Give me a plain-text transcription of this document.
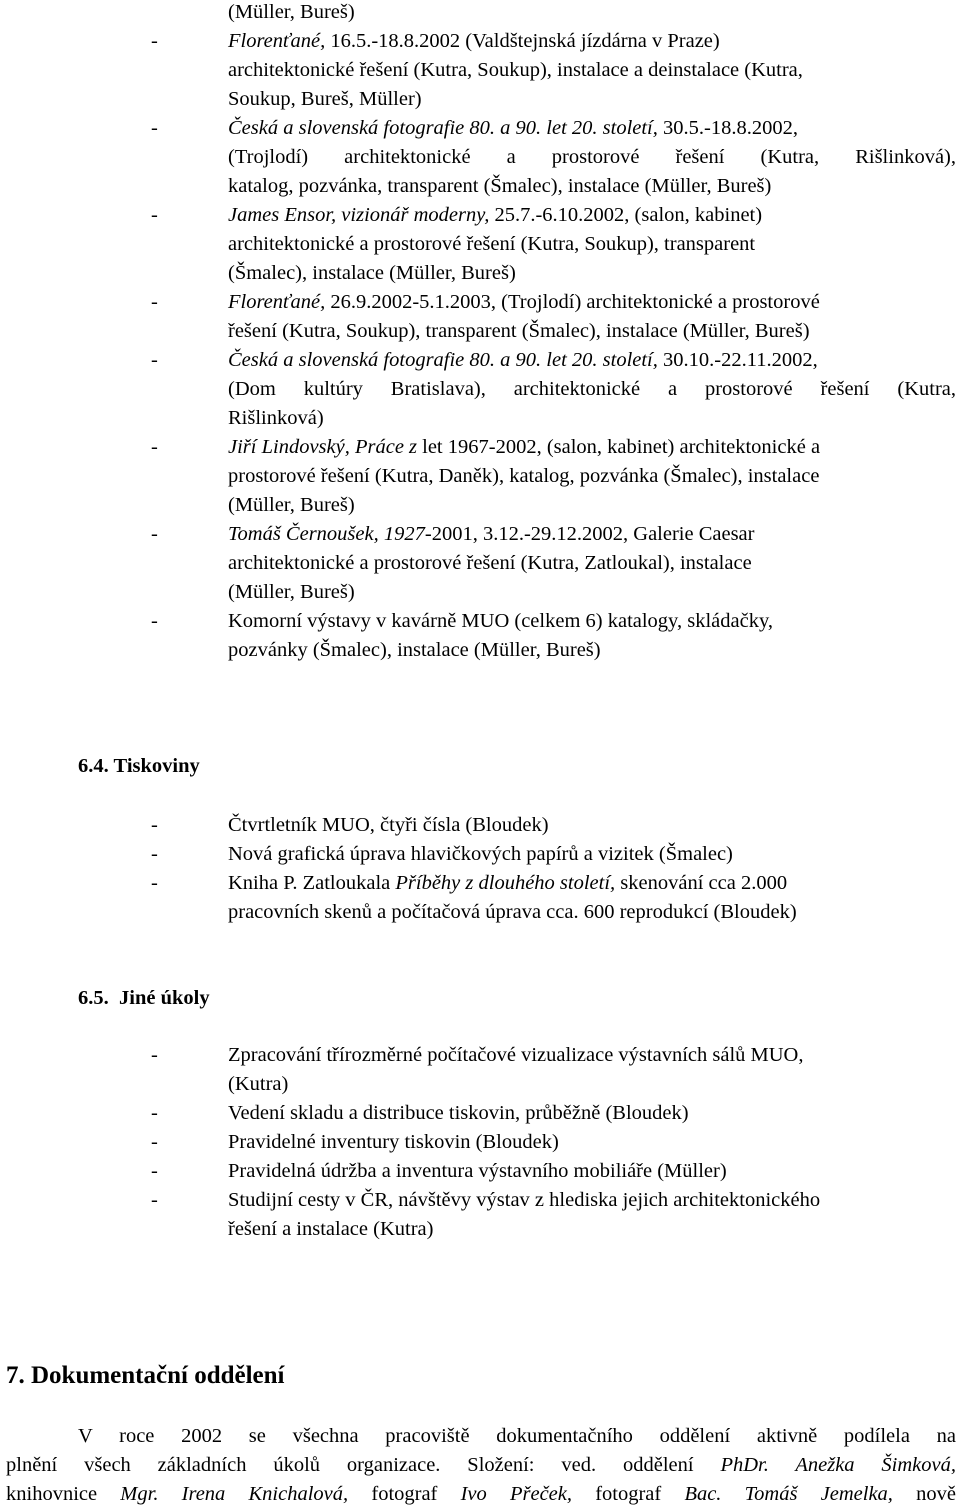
(Müller, Bureš)
-	Florenťané, 16.5.-18.8.2002 (Valdštejnská jízdárna v Praze)
architektonické řešení (Kutra, Soukup), instalace a deinstalace (Kutra,
Soukup, Bureš, Müller)
-	Česká a slovenská fotografie 80. a 90. let 20. století, 30.5.-18.8.2002,
(Trojlodí) architektonické a prostorové řešení (Kutra, Rišlinková),
katalog, pozvánka, transparent (Šmalec), instalace (Müller, Bureš)
-	James Ensor, vizionář moderny, 25.7.-6.10.2002, (salon, kabinet)
architektonické a prostorové řešení (Kutra, Soukup), transparent
(Šmalec), instalace (Müller, Bureš)
-	Florenťané, 26.9.2002-5.1.2003, (Trojlodí) architektonické a prostorové
řešení (Kutra, Soukup), transparent (Šmalec), instalace (Müller, Bureš)
-	Česká a slovenská fotografie 80. a 90. let 20. století, 30.10.-22.11.2002,
(Dom kultúry Bratislava), architektonické a prostorové řešení (Kutra,
Rišlinková)
-	Jiří Lindovský, Práce z let 1967-2002, (salon, kabinet) architektonické a
prostorové řešení (Kutra, Daněk), katalog, pozvánka (Šmalec), instalace
(Müller, Bureš)
-	Tomáš Černoušek, 1927-2001, 3.12.-29.12.2002, Galerie Caesar
architektonické a prostorové řešení (Kutra, Zatloukal), instalace
(Müller, Bureš)
-	Komorní výstavy v kavárně MUO (celkem 6) katalogy, skládačky,
pozvánky (Šmalec), instalace (Müller, Bureš)
6.4. Tiskoviny
-	Čtvrtletník MUO, čtyři čísla (Bloudek)
-	Nová grafická úprava hlavičkových papírů a vizitek (Šmalec)
-	Kniha P. Zatloukala Příběhy z dlouhého století, skenování cca 2.000
pracovních skenů a počítačová úprava cca. 600 reprodukcí (Bloudek)
6.5. Jiné úkoly
-	Zpracování třírozměrné počítačové vizualizace výstavních sálů MUO,
(Kutra)
-	Vedení skladu a distribuce tiskovin, průběžně (Bloudek)
-	Pravidelné inventury tiskovin (Bloudek)
-	Pravidelná údržba a inventura výstavního mobiliáře (Müller)
-	Studijní cesty v ČR, návštěvy výstav z hlediska jejich architektonického
řešení a instalace (Kutra)
7. Dokumentační oddělení
V roce 2002 se všechna pracoviště dokumentačního oddělení aktivně podílela na
plnění všech základních úkolů organizace. Složení: ved. oddělení PhDr. Anežka Šimková,
knihovnice Mgr. Irena Knichalová, fotograf Ivo Přeček, fotograf Bac. Tomáš Jemelka, nově
